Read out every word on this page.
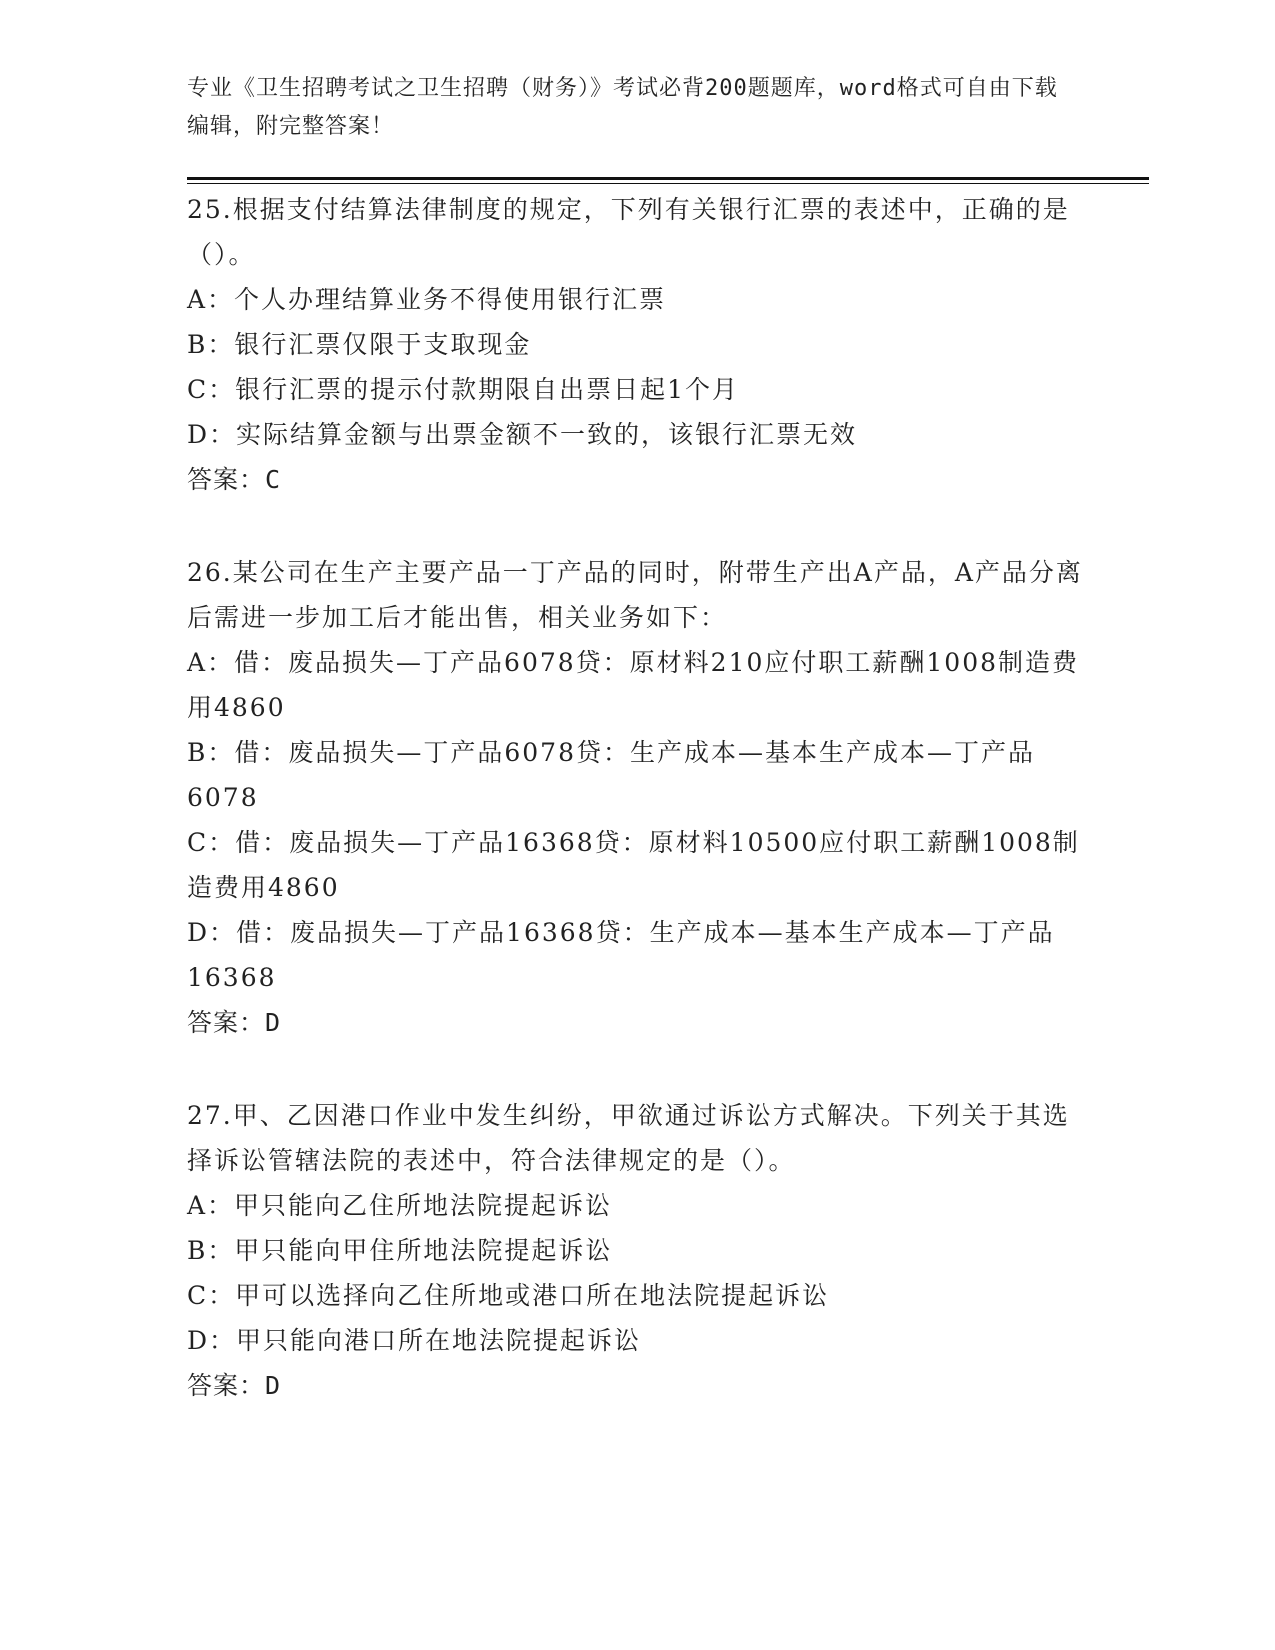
专业《卫生招聘考试之卫生招聘（财务）》考试必背200题题库，word格式可自由下载编辑，附完整答案！

25.根据支付结算法律制度的规定，下列有关银行汇票的表述中，正确的是（）。

A：个人办理结算业务不得使用银行汇票

B：银行汇票仅限于支取现金

C：银行汇票的提示付款期限自出票日起1个月

D：实际结算金额与出票金额不一致的，该银行汇票无效

答案：C

26.某公司在生产主要产品一丁产品的同时，附带生产出A产品，A产品分离后需进一步加工后才能出售，相关业务如下：

A：借：废品损失—丁产品6078贷：原材料210应付职工薪酬1008制造费用4860

B：借：废品损失—丁产品6078贷：生产成本—基本生产成本—丁产品6078

C：借：废品损失—丁产品16368贷：原材料10500应付职工薪酬1008制造费用4860

D：借：废品损失—丁产品16368贷：生产成本—基本生产成本—丁产品16368

答案：D

27.甲、乙因港口作业中发生纠纷，甲欲通过诉讼方式解决。下列关于其选择诉讼管辖法院的表述中，符合法律规定的是（）。

A：甲只能向乙住所地法院提起诉讼

B：甲只能向甲住所地法院提起诉讼

C：甲可以选择向乙住所地或港口所在地法院提起诉讼

D：甲只能向港口所在地法院提起诉讼

答案：D
